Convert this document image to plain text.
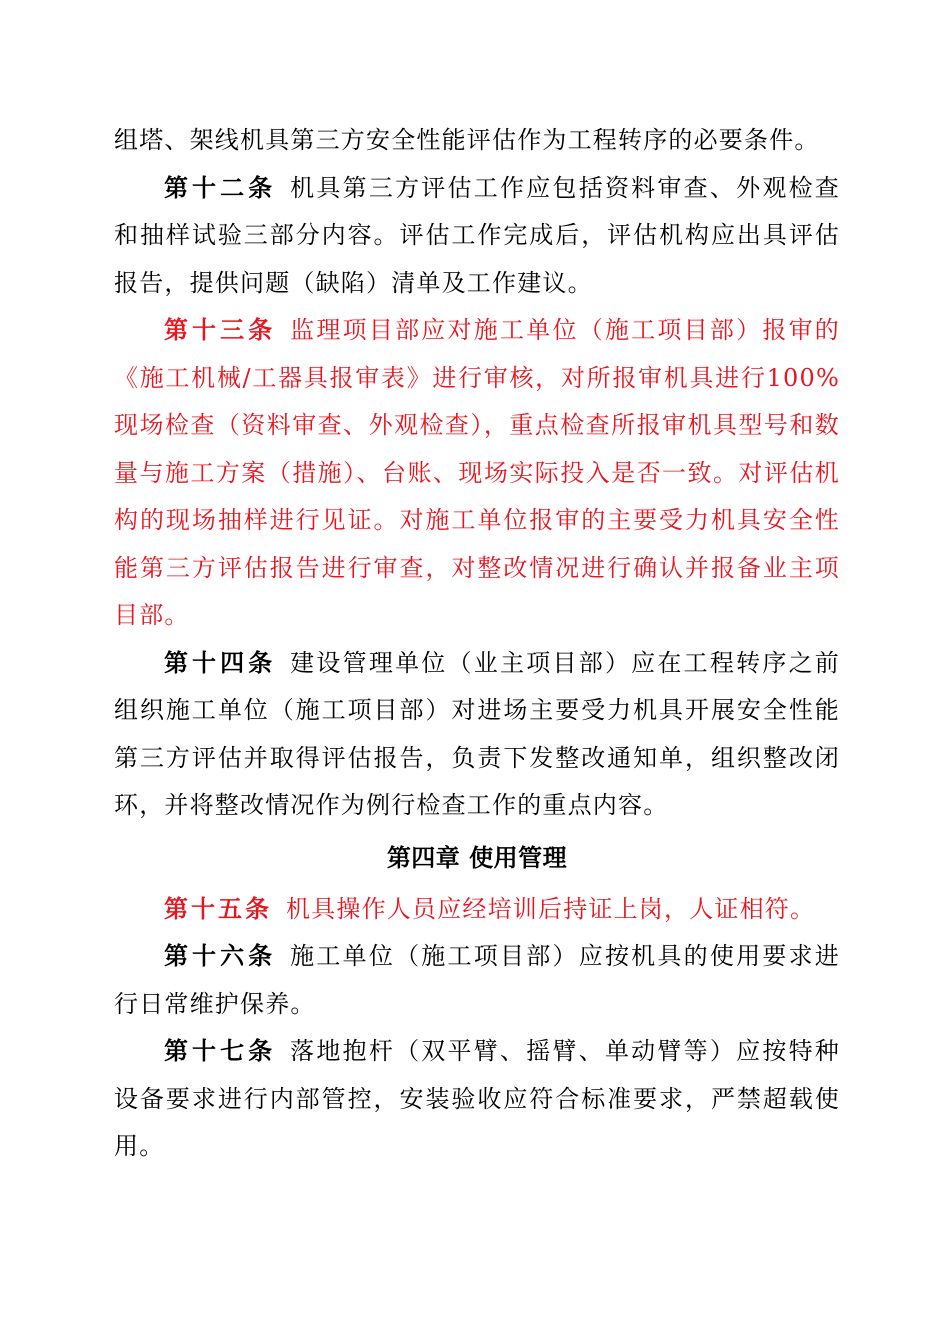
组塔、架线机具第三方安全性能评估作为工程转序的必要条件。

第十二条 机具第三方评估工作应包括资料审查、外观检查和抽样试验三部分内容。评估工作完成后，评估机构应出具评估报告，提供问题（缺陷）清单及工作建议。

第十三条 监理项目部应对施工单位（施工项目部）报审的《施工机械/工器具报审表》进行审核，对所报审机具进行100%现场检查（资料审查、外观检查），重点检查所报审机具型号和数量与施工方案（措施）、台账、现场实际投入是否一致。对评估机构的现场抽样进行见证。对施工单位报审的主要受力机具安全性能第三方评估报告进行审查，对整改情况进行确认并报备业主项目部。

第十四条 建设管理单位（业主项目部）应在工程转序之前组织施工单位（施工项目部）对进场主要受力机具开展安全性能第三方评估并取得评估报告，负责下发整改通知单，组织整改闭环，并将整改情况作为例行检查工作的重点内容。

第四章 使用管理

第十五条 机具操作人员应经培训后持证上岗，人证相符。

第十六条 施工单位（施工项目部）应按机具的使用要求进行日常维护保养。

第十七条 落地抱杆（双平臂、摇臂、单动臂等）应按特种设备要求进行内部管控，安装验收应符合标准要求，严禁超载使用。
